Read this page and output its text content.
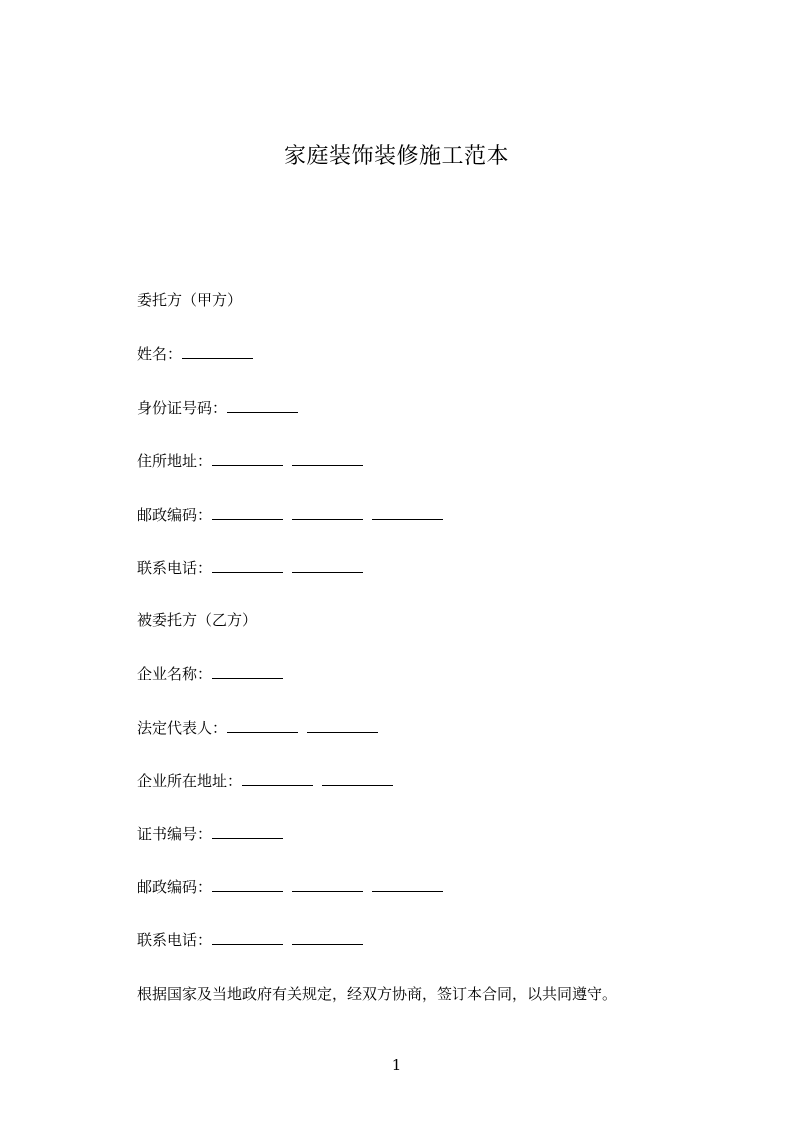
家庭装饰装修施工范本
委托方（甲方）
姓名：
身份证号码：
住所地址：
邮政编码：
联系电话：
被委托方（乙方）
企业名称：
法定代表人：
企业所在地址：
证书编号：
邮政编码：
联系电话：
根据国家及当地政府有关规定，经双方协商，签订本合同，以共同遵守。
1
